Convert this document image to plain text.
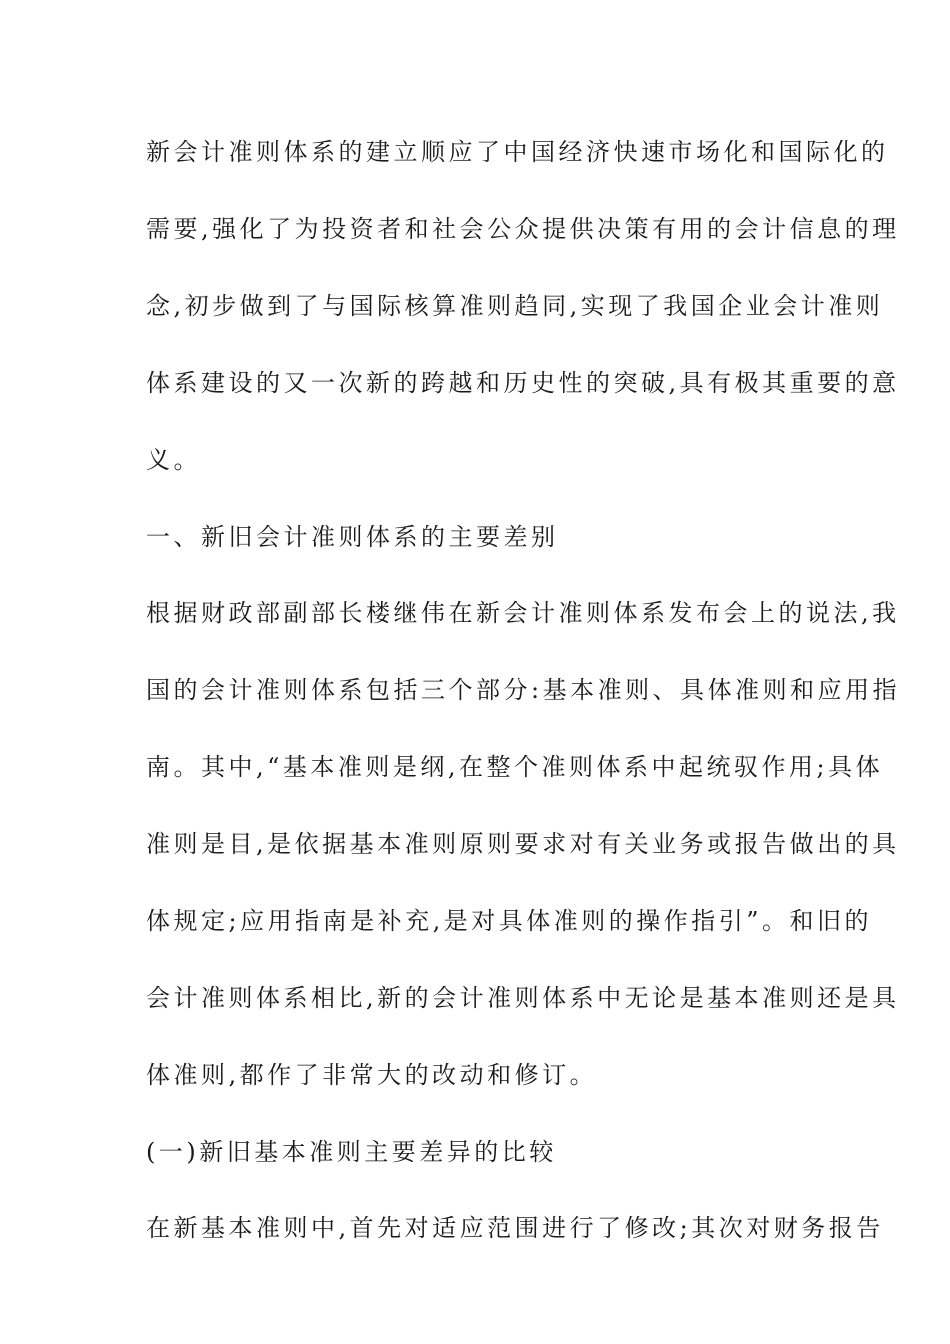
新会计准则体系的建立顺应了中国经济快速市场化和国际化的
需要,强化了为投资者和社会公众提供决策有用的会计信息的理
念,初步做到了与国际核算准则趋同,实现了我国企业会计准则
体系建设的又一次新的跨越和历史性的突破,具有极其重要的意
义。
一、新旧会计准则体系的主要差别
根据财政部副部长楼继伟在新会计准则体系发布会上的说法,我
国的会计准则体系包括三个部分:基本准则、具体准则和应用指
南。其中,“基本准则是纲,在整个准则体系中起统驭作用;具体
准则是目,是依据基本准则原则要求对有关业务或报告做出的具
体规定;应用指南是补充,是对具体准则的操作指引”。和旧的
会计准则体系相比,新的会计准则体系中无论是基本准则还是具
体准则,都作了非常大的改动和修订。
(一)新旧基本准则主要差异的比较
在新基本准则中,首先对适应范围进行了修改;其次对财务报告
